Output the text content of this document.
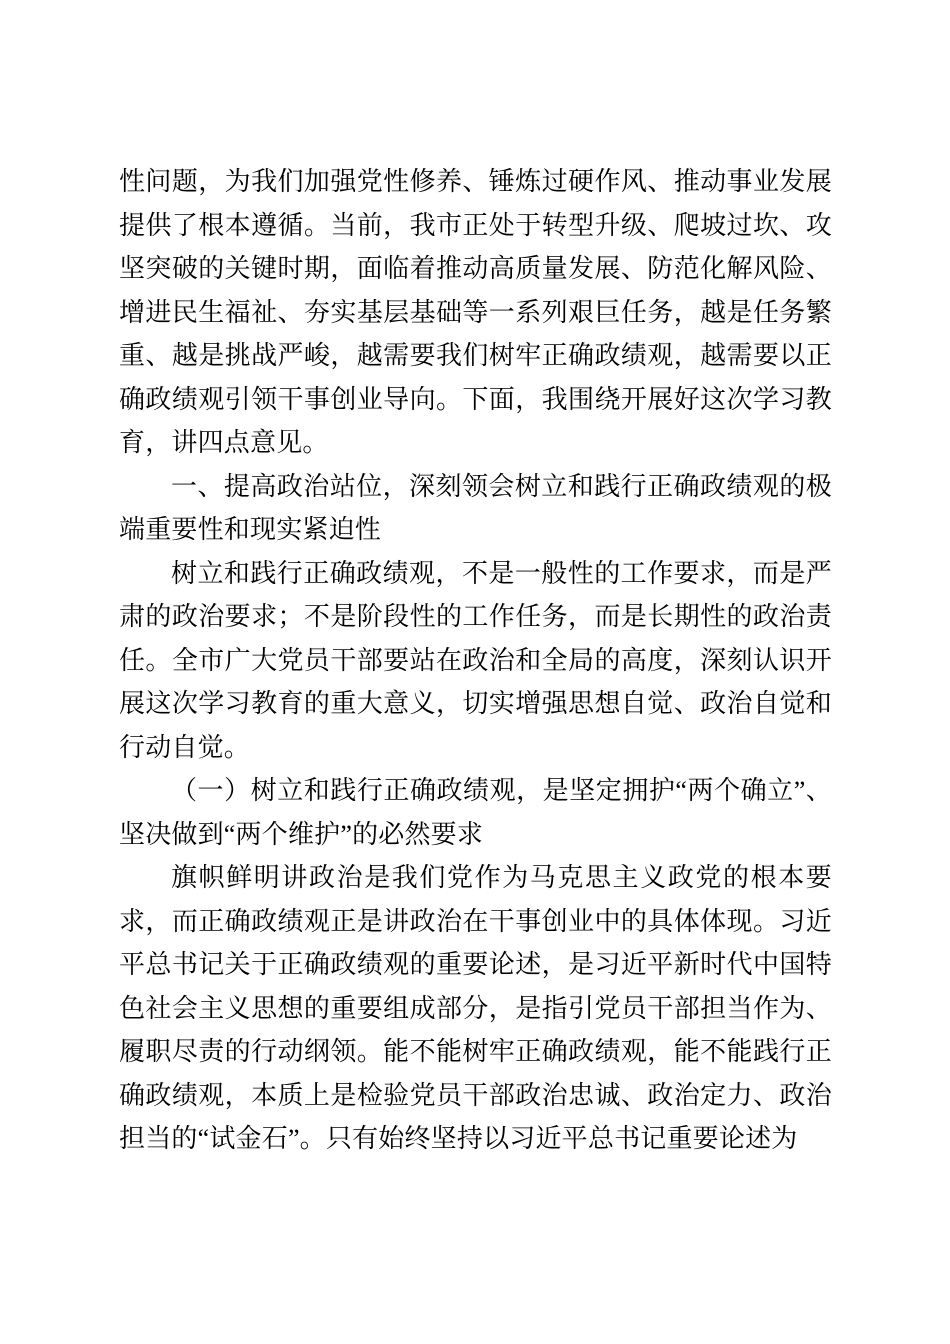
性问题，为我们加强党性修养、锤炼过硬作风、推动事业发展提供了根本遵循。当前，我市正处于转型升级、爬坡过坎、攻坚突破的关键时期，面临着推动高质量发展、防范化解风险、增进民生福祉、夯实基层基础等一系列艰巨任务，越是任务繁重、越是挑战严峻，越需要我们树牢正确政绩观，越需要以正确政绩观引领干事创业导向。下面，我围绕开展好这次学习教育，讲四点意见。

一、提高政治站位，深刻领会树立和践行正确政绩观的极端重要性和现实紧迫性

树立和践行正确政绩观，不是一般性的工作要求，而是严肃的政治要求；不是阶段性的工作任务，而是长期性的政治责任。全市广大党员干部要站在政治和全局的高度，深刻认识开展这次学习教育的重大意义，切实增强思想自觉、政治自觉和行动自觉。

（一）树立和践行正确政绩观，是坚定拥护“两个确立”、坚决做到“两个维护”的必然要求

旗帜鲜明讲政治是我们党作为马克思主义政党的根本要求，而正确政绩观正是讲政治在干事创业中的具体体现。习近平总书记关于正确政绩观的重要论述，是习近平新时代中国特色社会主义思想的重要组成部分，是指引党员干部担当作为、履职尽责的行动纲领。能不能树牢正确政绩观，能不能践行正确政绩观，本质上是检验党员干部政治忠诚、政治定力、政治担当的“试金石”。只有始终坚持以习近平总书记重要论述为
